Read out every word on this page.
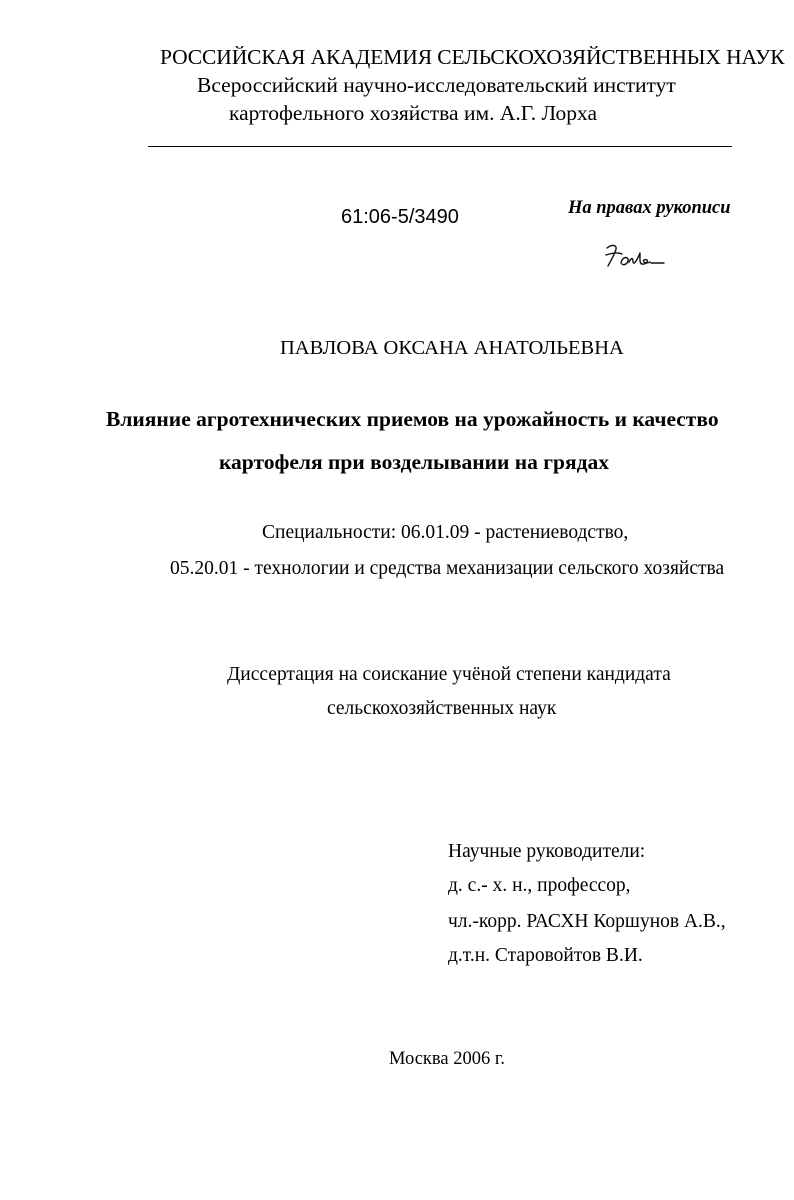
РОССИЙСКАЯ АКАДЕМИЯ СЕЛЬСКОХОЗЯЙСТВЕННЫХ НАУК
Всероссийский научно-исследовательский институт
картофельного хозяйства им. А.Г. Лорха
61:06-5/3490	На правах рукописи
ПАВЛОВА ОКСАНА АНАТОЛЬЕВНА
Влияние агротехнических приемов на урожайность и качество
картофеля при возделывании на грядах
Специальности: 06.01.09 - растениеводство,
05.20.01 - технологии и средства механизации сельского хозяйства
Диссертация на соискание учёной степени кандидата
сельскохозяйственных наук
Научные руководители:
д. с.- х. н., профессор,
чл.-корр. РАСХН Коршунов А.В.,
д.т.н. Старовойтов В.И.
Москва 2006 г.
